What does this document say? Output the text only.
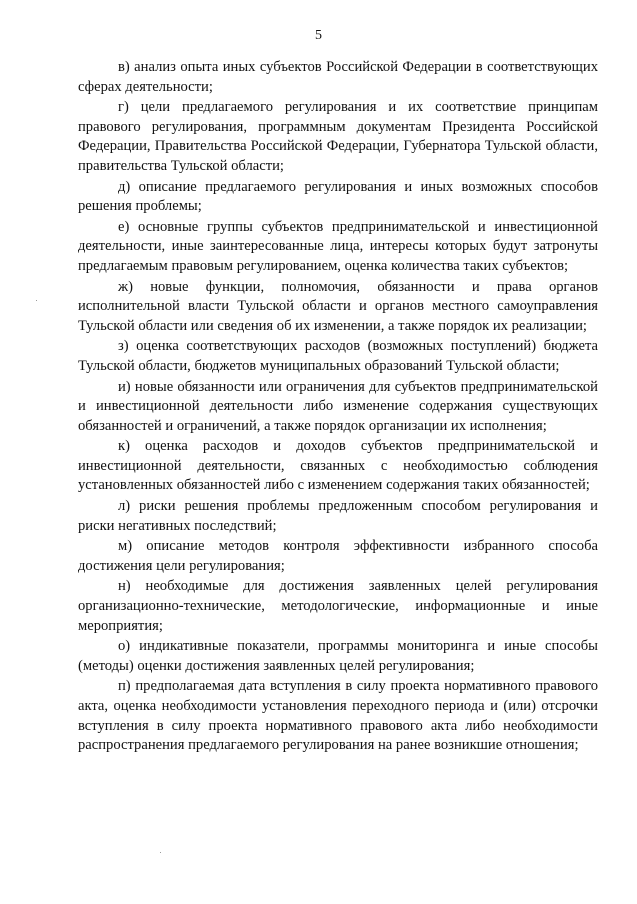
5

в) анализ опыта иных субъектов Российской Федерации в соответствующих сферах деятельности;

г) цели предлагаемого регулирования и их соответствие принципам правового регулирования, программным документам Президента Российской Федерации, Правительства Российской Федерации, Губернатора Тульской области, правительства Тульской области;

д) описание предлагаемого регулирования и иных возможных способов решения проблемы;

е) основные группы субъектов предпринимательской и инвестиционной деятельности, иные заинтересованные лица, интересы которых будут затронуты предлагаемым правовым регулированием, оценка количества таких субъектов;

ж) новые функции, полномочия, обязанности и права органов исполнительной власти Тульской области и органов местного самоуправления Тульской области или сведения об их изменении, а также порядок их реализации;

з) оценка соответствующих расходов (возможных поступлений) бюджета Тульской области, бюджетов муниципальных образований Тульской области;

и) новые обязанности или ограничения для субъектов предпринимательской и инвестиционной деятельности либо изменение содержания существующих обязанностей и ограничений, а также порядок организации их исполнения;

к) оценка расходов и доходов субъектов предпринимательской и инвестиционной деятельности, связанных с необходимостью соблюдения установленных обязанностей либо с изменением содержания таких обязанностей;

л) риски решения проблемы предложенным способом регулирования и риски негативных последствий;

м) описание методов контроля эффективности избранного способа достижения цели регулирования;

н) необходимые для достижения заявленных целей регулирования организационно-технические, методологические, информационные и иные мероприятия;

о) индикативные показатели, программы мониторинга и иные способы (методы) оценки достижения заявленных целей регулирования;

п) предполагаемая дата вступления в силу проекта нормативного правового акта, оценка необходимости установления переходного периода и (или) отсрочки вступления в силу проекта нормативного правового акта либо необходимости распространения предлагаемого регулирования на ранее возникшие отношения;
